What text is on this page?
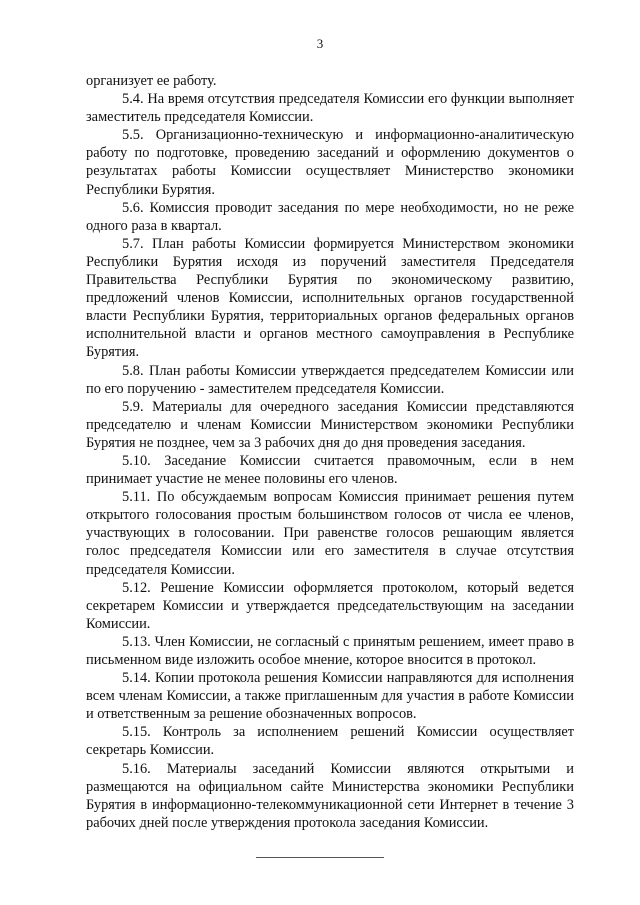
3

организует ее работу.

5.4. На время отсутствия председателя Комиссии его функции выполняет заместитель председателя Комиссии.

5.5. Организационно-техническую и информационно-аналитическую работу по подготовке, проведению заседаний и оформлению документов о результатах работы Комиссии осуществляет Министерство экономики Республики Бурятия.

5.6. Комиссия проводит заседания по мере необходимости, но не реже одного раза в квартал.

5.7. План работы Комиссии формируется Министерством экономики Республики Бурятия исходя из поручений заместителя Председателя Правительства Республики Бурятия по экономическому развитию, предложений членов Комиссии, исполнительных органов государственной власти Республики Бурятия, территориальных органов федеральных органов исполнительной власти и органов местного самоуправления в Республике Бурятия.

5.8. План работы Комиссии утверждается председателем Комиссии или по его поручению - заместителем председателя Комиссии.

5.9. Материалы для очередного заседания Комиссии представляются председателю и членам Комиссии Министерством экономики Республики Бурятия не позднее, чем за 3 рабочих дня до дня проведения заседания.

5.10. Заседание Комиссии считается правомочным, если в нем принимает участие не менее половины его членов.

5.11. По обсуждаемым вопросам Комиссия принимает решения путем открытого голосования простым большинством голосов от числа ее членов, участвующих в голосовании. При равенстве голосов решающим является голос председателя Комиссии или его заместителя в случае отсутствия председателя Комиссии.

5.12. Решение Комиссии оформляется протоколом, который ведется секретарем Комиссии и утверждается председательствующим на заседании Комиссии.

5.13. Член Комиссии, не согласный с принятым решением, имеет право в письменном виде изложить особое мнение, которое вносится в протокол.

5.14. Копии протокола решения Комиссии направляются для исполнения всем членам Комиссии, а также приглашенным для участия в работе Комиссии и ответственным за решение обозначенных вопросов.

5.15. Контроль за исполнением решений Комиссии осуществляет секретарь Комиссии.

5.16. Материалы заседаний Комиссии являются открытыми и размещаются на официальном сайте Министерства экономики Республики Бурятия в информационно-телекоммуникационной сети Интернет в течение 3 рабочих дней после утверждения протокола заседания Комиссии.
